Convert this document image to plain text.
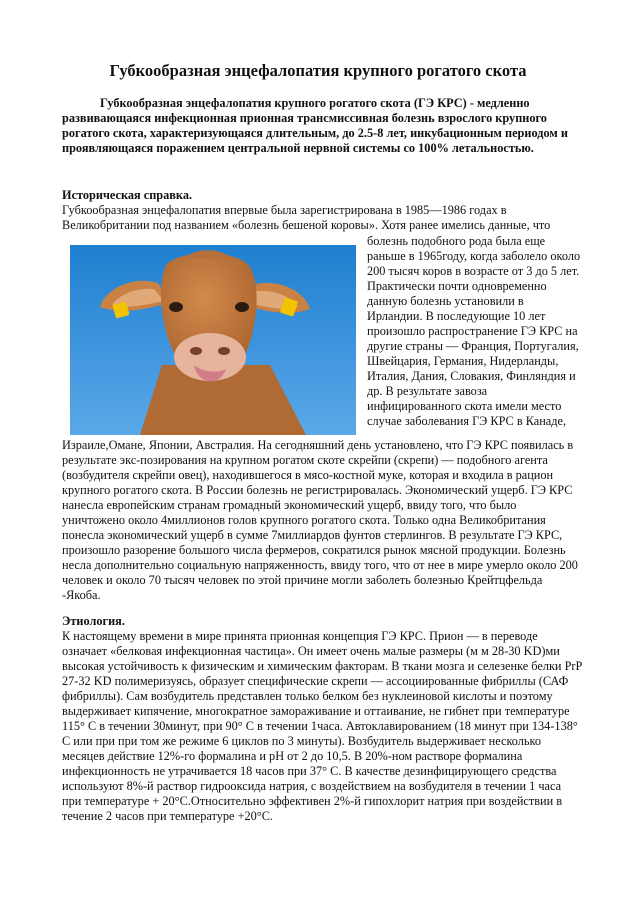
Губкообразная энцефалопатия крупного рогатого скота

Губкообразная энцефалопатия крупного рогатого скота (ГЭ КРС) - медленно развивающаяся инфекционная прионная трансмиссивная болезнь взрослого крупного рогатого скота, характеризующаяся длительным, до 2.5-8 лет, инкубационным периодом и проявляющаяся поражением центральной нервной системы со 100% летальностью.

Историческая справка.

Губкообразная энцефалопатия впервые была зарегистрирована в 1985—1986 годах в Великобритании под названием «болезнь бешеной коровы». Хотя ранее имелись данные, что

болезнь подобного рода была еще раньше в 1965году, когда заболело около 200 тысяч коров в возрасте от 3 до 5 лет. Практически почти одновременно данную болезнь установили в Ирландии. В последующие 10 лет произошло распространение ГЭ КРС на другие страны — Франция, Португалия, Швейцария, Германия, Нидерланды, Италия, Дания, Словакия, Финляндия и др. В результате завоза инфицированного скота имели место случае заболевания ГЭ КРС в Канаде,

Израиле,Омане, Японии, Австралия. На сегодняшний день установлено, что ГЭ КРС появилась в результате экс-позирования на крупном рогатом скоте скрейпи (скрепи) — подобного агента (возбудителя скрейпи овец), находившегося в мясо-костной муке, которая и входила в рацион крупного рогатого скота. В России болезнь не регистрировалась. Экономический ущерб. ГЭ КРС нанесла европейским странам громадный экономический ущерб, ввиду того, что было уничтожено около 4миллионов голов крупного рогатого скота. Только одна Великобритания понесла экономический ущерб в сумме 7миллиардов фунтов стерлингов. В результате ГЭ КРС, произошло разорение большого числа фермеров, сократился рынок мясной продукции. Болезнь несла дополнительно социальную напряженность, ввиду того, что от нее в мире умерло около 200 человек и около 70 тысяч человек по этой причине могли заболеть болезнью Крейтцфельда -Якоба.

Этиология.

К настоящему времени в мире принята прионная концепция ГЭ КРС. Прион — в переводе означает «белковая инфекционная частица». Он имеет очень малые размеры (м м 28-30 KD)ми высокая устойчивость к физическим и химическим факторам. В ткани мозга и селезенке белки PrP 27-32 KD полимеризуясь, образует специфические скрепи — ассоциированные фибриллы (САФ фибриллы). Сам возбудитель представлен только белком без нуклеиновой кислоты и поэтому выдерживает кипячение, многократное замораживание и оттаивание, не гибнет при температуре 115° С в течении 30минут, при 90° С в течении 1часа. Автоклавированием (18 минут при 134-138° С или при при том же режиме 6 циклов по 3 минуты). Возбудитель выдерживает несколько месяцев действие 12%-го формалина и рН от 2 до 10,5. В 20%-ном растворе формалина инфекционность не утрачивается 18 часов при 37° С. В качестве дезинфицирующего средства используют 8%-й раствор гидрооксида натрия, с воздействием на возбудителя в течении 1 часа при температуре + 20°С.Относительно эффективен 2%-й гипохлорит натрия при воздействии в течение 2 часов при температуре +20°С.
